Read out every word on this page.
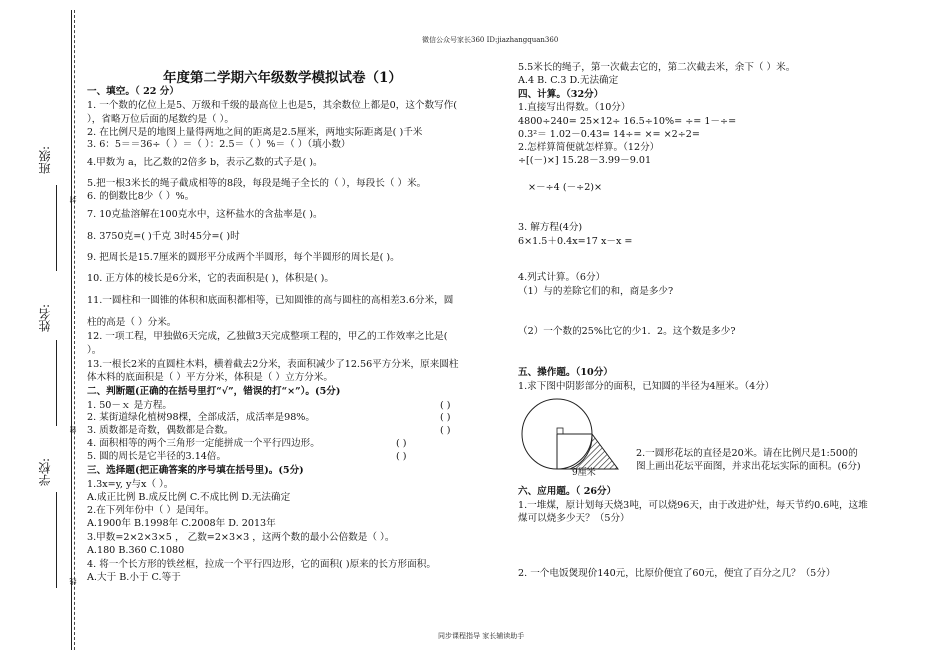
微信公众号家长360 ID:jiazhangquan360
同步课程指导 家长辅读助手
年度第二学期六年级数学模拟试卷（1）
班级:
姓名:
学校:
封
密
线
一、填空。（ 22 分）
1. 一个数的亿位上是5、万级和千级的最高位上也是5，其余数位上都是0，这个数写作(
），省略万位后面的尾数约是（ ）。
2. 在比例尺是的地图上量得两地之间的距离是2.5厘米，两地实际距离是( )千米
3. 6：5＝＝36÷（ ）＝（ ）：2.5＝（ ）%＝（ ）（填小数）
4.甲数为 a，比乙数的2倍多 b，表示乙数的式子是( )。
5.把一根3米长的绳子截成相等的8段，每段是绳子全长的（ ），每段长（ ）米。
6. 的倒数比8少（ ）%。
7. 10克盐溶解在100克水中，这杯盐水的含盐率是( )。
8. 3750克=( )千克 3时45分=( )时
9. 把周长是15.7厘米的圆形平分成两个半圆形，每个半圆形的周长是( )。
10. 正方体的棱长是6分米，它的表面积是( )，体积是( )。
11.一圆柱和一圆锥的体积和底面积都相等，已知圆锥的高与圆柱的高相差3.6分米，圆
柱的高是（ ）分米。
12. 一项工程，甲独做6天完成，乙独做3天完成整项工程的，甲乙的工作效率之比是(
）。
13.一根长2米的直圆柱木料，横着截去2分米，表面积减少了12.56平方分米，原来圆柱
体木料的底面积是（ ）平方分米，体积是（ ）立方分米。
二、判断题(正确的在括号里打“√”，错误的打“×”）。(5分)
1. 50－ｘ 是方程。
2. 某街道绿化植树98棵，全部成活，成活率是98%。
3. 质数都是奇数，偶数都是合数。
4. 面积相等的两个三角形一定能拼成一个平行四边形。
5. 圆的周长是它半径的3.14倍。
( )
( )
( )
( )
( )
三、选择题(把正确答案的序号填在括号里)。(5分)
1.3x=y, y与x（ ）。
A.成正比例 B.成反比例 C.不成比例 D.无法确定
2.在下列年份中（ ）是闰年。
A.1900年 B.1998年 C.2008年 D. 2013年
3.甲数=2×2×3×5 ， 乙数=2×3×3 ，这两个数的最小公倍数是（ ）。
A.180 B.360 C.1080
4. 将一个长方形的铁丝框，拉成一个平行四边形，它的面积( )原来的长方形面积。
A.大于 B.小于 C.等于
5.5米长的绳子，第一次截去它的，第二次截去米，余下（ ）米。
A.4 B. C.3 D.无法确定
四、计算。（32分）
1.直接写出得数。（10分）
4800÷240= 25×12÷ 16.5÷10%= ÷= 1－÷=
0.3²＝ 1.02－0.43= 14÷= ×= ×2÷2=
2.怎样算简便就怎样算。（12分）
÷[(－)×] 15.28－3.99－9.01
×－÷4 (－÷2)×
3. 解方程(4分)
6×1.5＋0.4x=17 x－x =
4.列式计算。（6分）
（1）与的差除它们的和，商是多少?
（2）一个数的25%比它的少1．2。这个数是多少?
五、操作题。（10分）
1.求下图中阴影部分的面积，已知圆的半径为4厘米。（4分）
2.一圆形花坛的直径是20米。请在比例尺是1:500的
图上画出花坛平面图，并求出花坛实际的面积。(6分)
六、应用题。（ 26分）
1.一堆煤，原计划每天烧3吨，可以烧96天，由于改进炉灶，每天节约0.6吨，这堆
煤可以烧多少天？（5分）
2. 一个电饭煲现价140元，比原价便宜了60元，便宜了百分之几？（5分）
9厘米
